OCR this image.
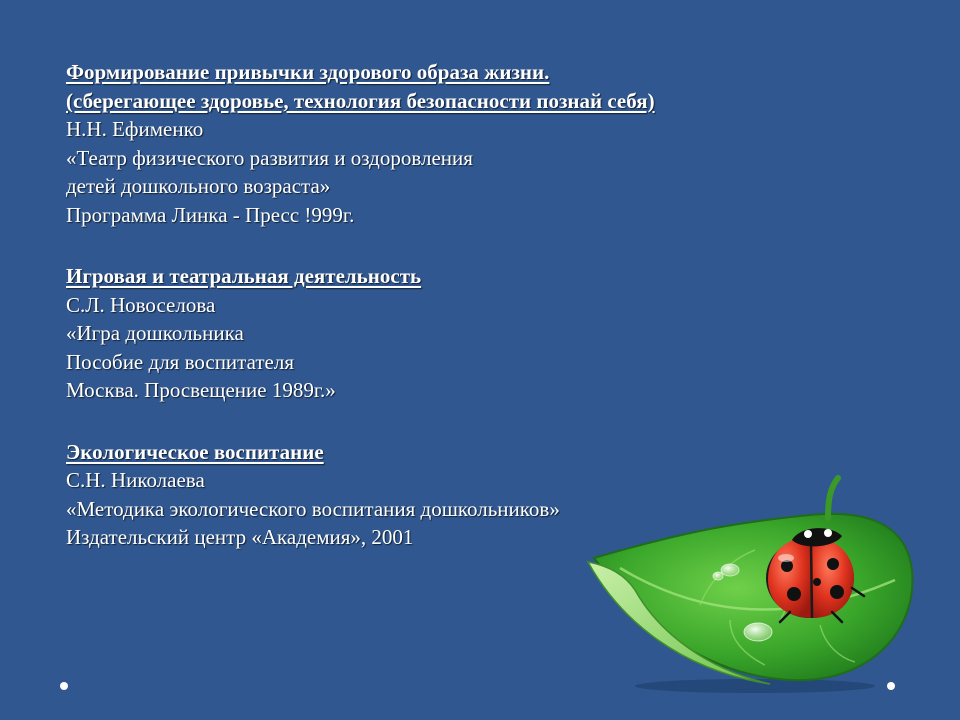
Формирование привычки здорового образа жизни.
(сберегающее здоровье, технология безопасности познай себя)
Н.Н. Ефименко
«Театр физического развития и оздоровления
детей дошкольного возраста»
Программа Линка - Пресс !999г.
Игровая и театральная деятельность
С.Л. Новоселова
«Игра дошкольника
Пособие для воспитателя
Москва. Просвещение 1989г.»
Экологическое воспитание
С.Н. Николаева
«Методика экологического воспитания дошкольников»
Издательский центр «Академия», 2001
